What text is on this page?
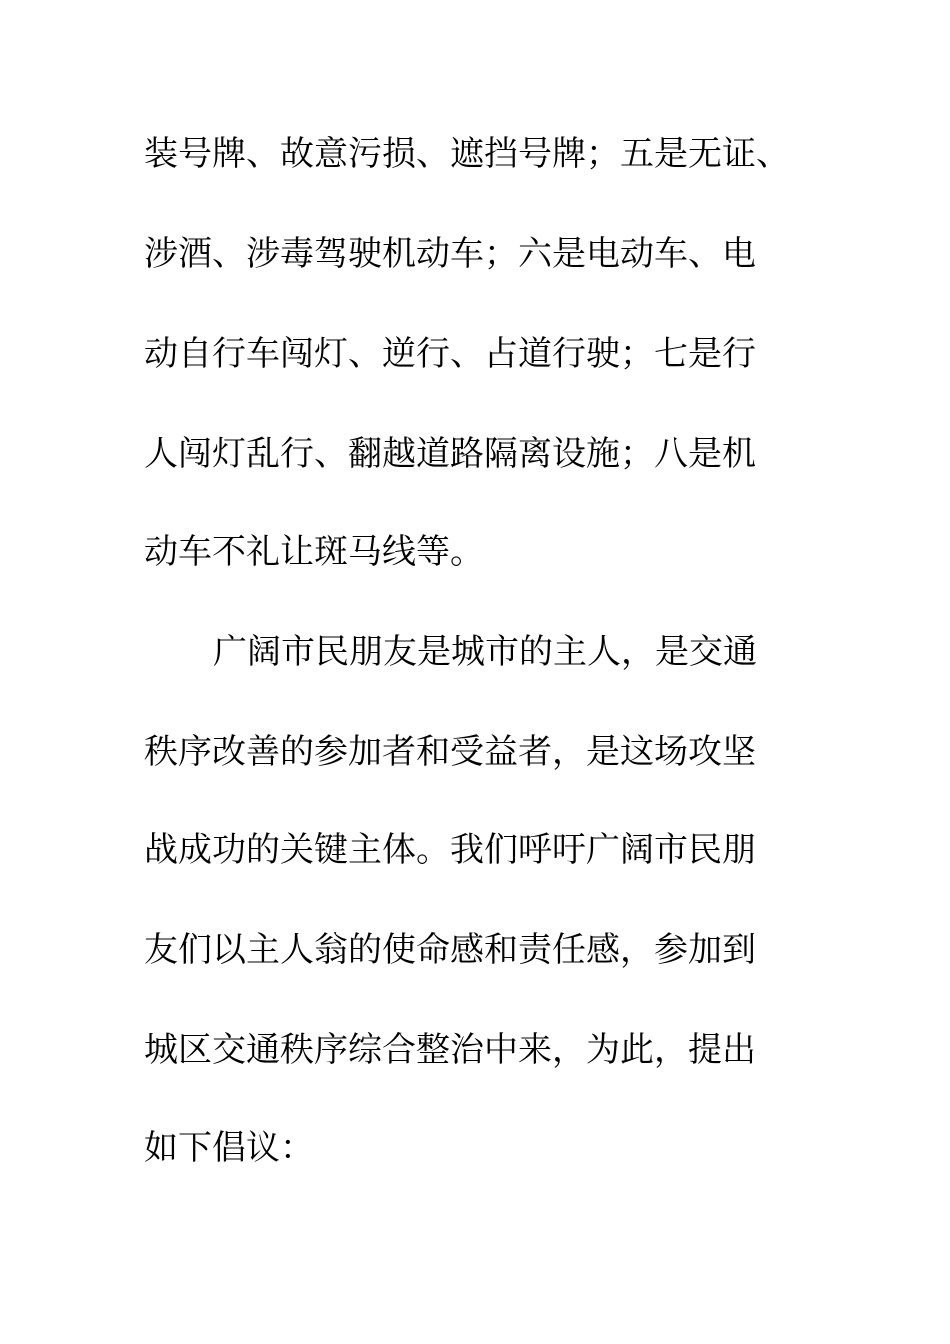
装号牌、故意污损、遮挡号牌；五是无证、
涉酒、涉毒驾驶机动车；六是电动车、电
动自行车闯灯、逆行、占道行驶；七是行
人闯灯乱行、翻越道路隔离设施；八是机
动车不礼让斑马线等。
广阔市民朋友是城市的主人，是交通
秩序改善的参加者和受益者，是这场攻坚
战成功的关键主体。我们呼吁广阔市民朋
友们以主人翁的使命感和责任感，参加到
城区交通秩序综合整治中来，为此，提出
如下倡议：
